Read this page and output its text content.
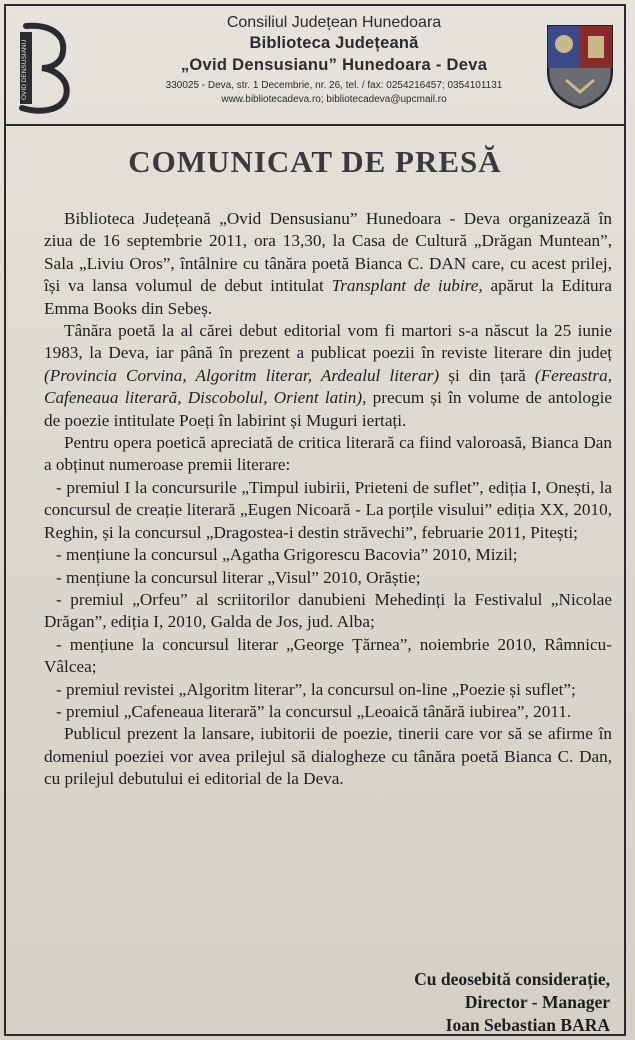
OVID DENSUSIANU
Consiliul Județean Hunedoara
Biblioteca Județeană
„Ovid Densusianu” Hunedoara - Deva
330025 - Deva, str. 1 Decembrie, nr. 26, tel. / fax: 0254216457; 0354101131
www.bibliotecadeva.ro; bibliotecadeva@upcmail.ro
COMUNICAT DE PRESĂ

Biblioteca Județeană „Ovid Densusianu” Hunedoara - Deva organizează în ziua de 16 septembrie 2011, ora 13,30, la Casa de Cultură „Drăgan Muntean”, Sala „Liviu Oros”, întâlnire cu tânăra poetă Bianca C. DAN care, cu acest prilej, își va lansa volumul de debut intitulat Transplant de iubire, apărut la Editura Emma Books din Sebeș.

Tânăra poetă la al cărei debut editorial vom fi martori s-a născut la 25 iunie 1983, la Deva, iar până în prezent a publicat poezii în reviste literare din județ (Provincia Corvina, Algoritm literar, Ardealul literar) și din țară (Fereastra, Cafeneaua literară, Discobolul, Orient latin), precum și în volume de antologie de poezie intitulate Poeți în labirint și Muguri iertați.

Pentru opera poetică apreciată de critica literară ca fiind valoroasă, Bianca Dan a obținut numeroase premii literare:

- premiul I la concursurile „Timpul iubirii, Prieteni de suflet”, ediția I, Onești, la concursul de creație literară „Eugen Nicoară - La porțile visului” ediția XX, 2010, Reghin, și la concursul „Dragostea-i destin străvechi”, februarie 2011, Pitești;

- mențiune la concursul „Agatha Grigorescu Bacovia” 2010, Mizil;

- mențiune la concursul literar „Visul” 2010, Orăștie;

- premiul „Orfeu” al scriitorilor danubieni Mehedinți la Festivalul „Nicolae Drăgan”, ediția I, 2010, Galda de Jos, jud. Alba;

- mențiune la concursul literar „George Țărnea”, noiembrie 2010, Râmnicu-Vâlcea;

- premiul revistei „Algoritm literar”, la concursul on-line „Poezie și suflet”;

- premiul „Cafeneaua literară” la concursul „Leoaică tânără iubirea”, 2011.

Publicul prezent la lansare, iubitorii de poezie, tinerii care vor să se afirme în domeniul poeziei vor avea prilejul să dialogheze cu tânăra poetă Bianca C. Dan, cu prilejul debutului ei editorial de la Deva.

Cu deosebită considerație,
Director - Manager
Ioan Sebastian BARA
